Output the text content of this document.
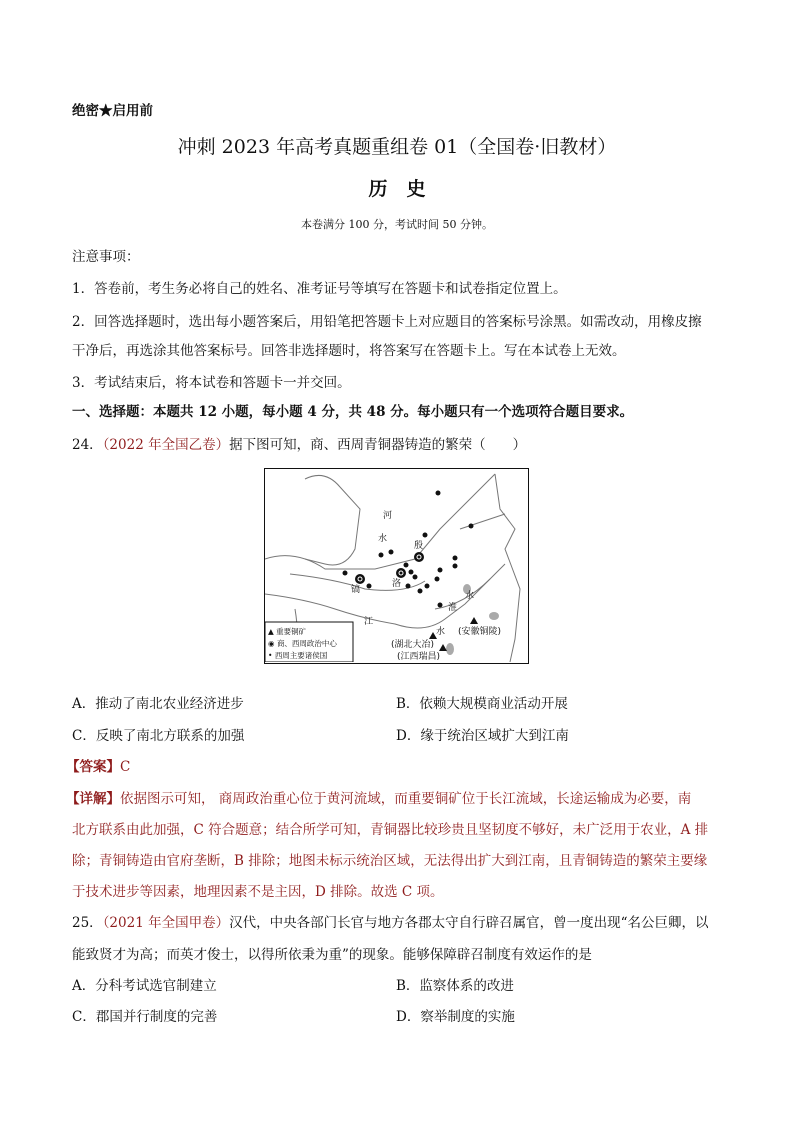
绝密★启用前
冲刺 2023 年高考真题重组卷 01（全国卷·旧教材）
历　史
本卷满分 100 分，考试时间 50 分钟。
注意事项：
1．答卷前，考生务必将自己的姓名、准考证号等填写在答题卡和试卷指定位置上。
2．回答选择题时，选出每小题答案后，用铅笔把答题卡上对应题目的答案标号涂黑。如需改动，用橡皮擦
干净后，再选涂其他答案标号。回答非选择题时，将答案写在答题卡上。写在本试卷上无效。
3．考试结束后，将本试卷和答题卡一并交回。
一、选择题：本题共 12 小题，每小题 4 分，共 48 分。每小题只有一个选项符合题目要求。
24．（2022 年全国乙卷）据下图可知，商、西周青铜器铸造的繁荣（　　）
河
水
殷
洛
镐
江
水
淮
水 (安徽铜陵)
(湖北大冶)
(江西瑞昌)
▲ 重要铜矿
◉ 商、西周政治中心
• 西周主要诸侯国
A．推动了南北农业经济进步	B．依赖大规模商业活动开展
C．反映了南北方联系的加强	D．缘于统治区域扩大到江南
【答案】C
【详解】依据图示可知， 商周政治重心位于黄河流域，而重要铜矿位于长江流域，长途运输成为必要，南
北方联系由此加强，C 符合题意；结合所学可知，青铜器比较珍贵且坚韧度不够好，未广泛用于农业，A 排
除；青铜铸造由官府垄断，B 排除；地图未标示统治区域，无法得出扩大到江南，且青铜铸造的繁荣主要缘
于技术进步等因素，地理因素不是主因，D 排除。故选 C 项。
25．（2021 年全国甲卷）汉代，中央各部门长官与地方各郡太守自行辟召属官，曾一度出现“名公巨卿，以
能致贤才为高；而英才俊士，以得所依秉为重”的现象。能够保障辟召制度有效运作的是
A．分科考试选官制建立	B．监察体系的改进
C．郡国并行制度的完善	D．察举制度的实施
